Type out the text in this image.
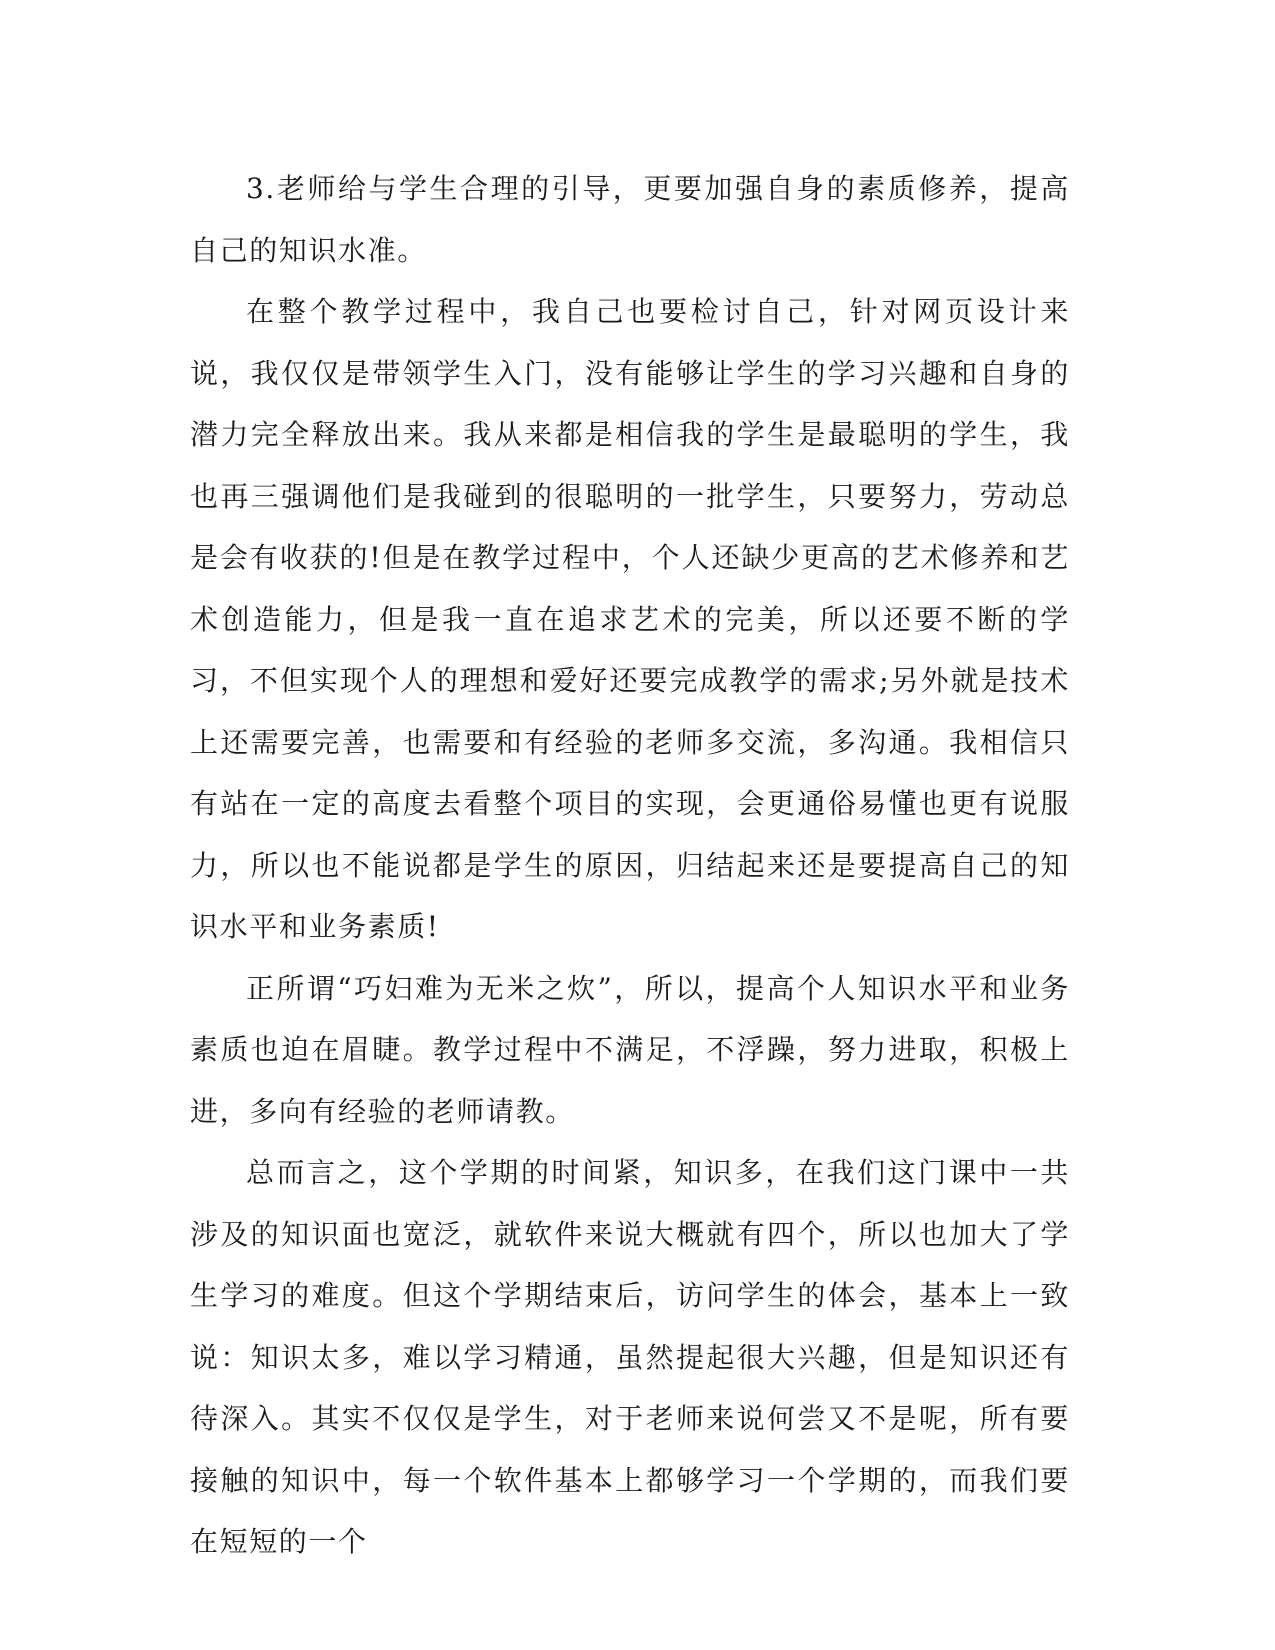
3.老师给与学生合理的引导，更要加强自身的素质修养，提高自己的知识水准。

在整个教学过程中，我自己也要检讨自己，针对网页设计来说，我仅仅是带领学生入门，没有能够让学生的学习兴趣和自身的潜力完全释放出来。我从来都是相信我的学生是最聪明的学生，我也再三强调他们是我碰到的很聪明的一批学生，只要努力，劳动总是会有收获的!但是在教学过程中，个人还缺少更高的艺术修养和艺术创造能力，但是我一直在追求艺术的完美，所以还要不断的学习，不但实现个人的理想和爱好还要完成教学的需求;另外就是技术上还需要完善，也需要和有经验的老师多交流，多沟通。我相信只有站在一定的高度去看整个项目的实现，会更通俗易懂也更有说服力，所以也不能说都是学生的原因，归结起来还是要提高自己的知识水平和业务素质!

正所谓“巧妇难为无米之炊”，所以，提高个人知识水平和业务素质也迫在眉睫。教学过程中不满足，不浮躁，努力进取，积极上进，多向有经验的老师请教。

总而言之，这个学期的时间紧，知识多，在我们这门课中一共涉及的知识面也宽泛，就软件来说大概就有四个，所以也加大了学生学习的难度。但这个学期结束后，访问学生的体会，基本上一致说：知识太多，难以学习精通，虽然提起很大兴趣，但是知识还有待深入。其实不仅仅是学生，对于老师来说何尝又不是呢，所有要接触的知识中，每一个软件基本上都够学习一个学期的，而我们要在短短的一个
